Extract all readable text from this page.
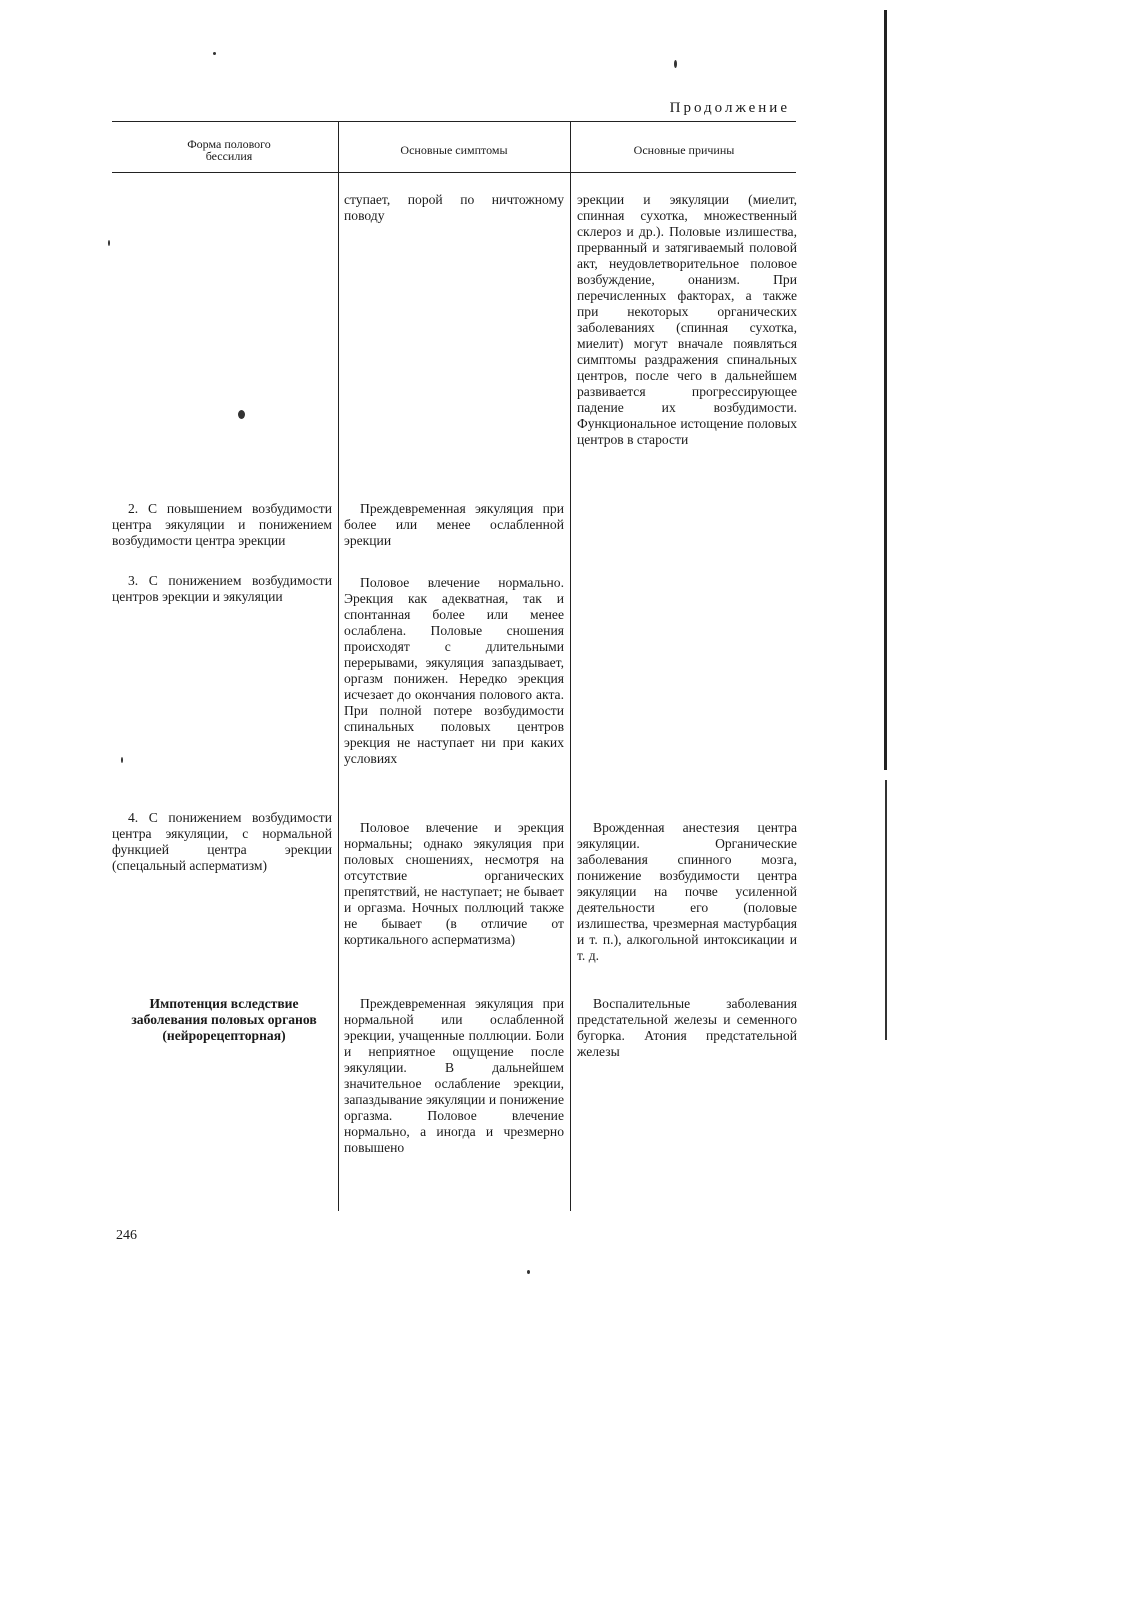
Продолжение
Форма полового бессилия	Основные симптомы	Основные причины

ступает, порой по ничтожному поводу

эрекции и эякуляции (миелит, спинная сухотка, множественный склероз и др.). Половые излишества, прерванный и затягиваемый половой акт, неудовлетворительное половое возбуждение, онанизм. При перечисленных факторах, а также при некоторых органических заболеваниях (спинная сухотка, миелит) могут вначале появляться симптомы раздражения спинальных центров, после чего в дальнейшем развивается прогрессирующее падение их возбудимости. Функциональное истощение половых центров в старости

2. С повышением возбудимости центра эякуляции и понижением возбудимости центра эрекции

Преждевременная эякуляция при более или менее ослабленной эрекции

3. С понижением возбудимости центров эрекции и эякуляции

Половое влечение нормально. Эрекция как адекватная, так и спонтанная более или менее ослаблена. Половые сношения происходят с длительными перерывами, эякуляция запаздывает, оргазм понижен. Нередко эрекция исчезает до окончания полового акта. При полной потере возбудимости спинальных половых центров эрекция не наступает ни при каких условиях

4. С понижением возбудимости центра эякуляции, с нормальной функцией центра эрекции (спецальный асперматизм)

Половое влечение и эрекция нормальны; однако эякуляция при половых сношениях, несмотря на отсутствие органических препятствий, не наступает; не бывает и оргазма. Ночных поллюций также не бывает (в отличие от кортикального асперматизма)

Врожденная анестезия центра эякуляции. Органические заболевания спинного мозга, понижение возбудимости центра эякуляции на почве усиленной деятельности его (половые излишества, чрезмерная мастурбация и т. п.), алкогольной интоксикации и т. д.

Импотенция вследствие заболевания половых органов (нейрорецепторная)

Преждевременная эякуляция при нормальной или ослабленной эрекции, учащенные поллюции. Боли и неприятное ощущение после эякуляции. В дальнейшем значительное ослабление эрекции, запаздывание эякуляции и понижение оргазма. Половое влечение нормально, а иногда и чрезмерно повышено

Воспалительные заболевания предстательной железы и семенного бугорка. Атония предстательной железы

246
